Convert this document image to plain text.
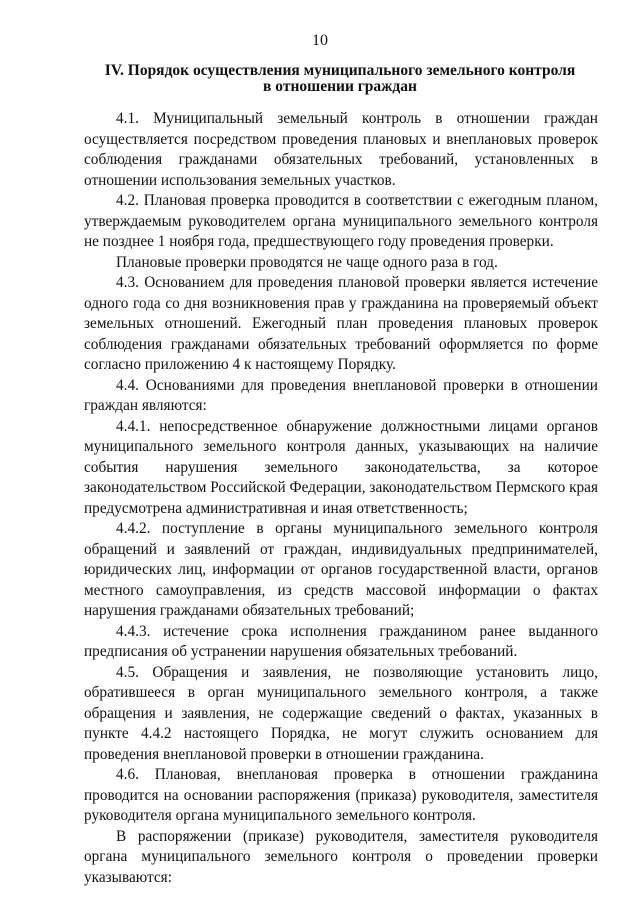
10
IV. Порядок осуществления муниципального земельного контроля
в отношении граждан

4.1. Муниципальный земельный контроль в отношении граждан осуществляется посредством проведения плановых и внеплановых проверок соблюдения гражданами обязательных требований, установленных в отношении использования земельных участков.

4.2. Плановая проверка проводится в соответствии с ежегодным планом, утверждаемым руководителем органа муниципального земельного контроля не позднее 1 ноября года, предшествующего году проведения проверки.

Плановые проверки проводятся не чаще одного раза в год.

4.3. Основанием для проведения плановой проверки является истечение одного года со дня возникновения прав у гражданина на проверяемый объект земельных отношений. Ежегодный план проведения плановых проверок соблюдения гражданами обязательных требований оформляется по форме согласно приложению 4 к настоящему Порядку.

4.4. Основаниями для проведения внеплановой проверки в отношении граждан являются:

4.4.1. непосредственное обнаружение должностными лицами органов муниципального земельного контроля данных, указывающих на наличие события нарушения земельного законодательства, за которое законодательством Российской Федерации, законодательством Пермского края предусмотрена административная и иная ответственность;

4.4.2. поступление в органы муниципального земельного контроля обращений и заявлений от граждан, индивидуальных предпринимателей, юридических лиц, информации от органов государственной власти, органов местного самоуправления, из средств массовой информации о фактах нарушения гражданами обязательных требований;

4.4.3. истечение срока исполнения гражданином ранее выданного предписания об устранении нарушения обязательных требований.

4.5. Обращения и заявления, не позволяющие установить лицо, обратившееся в орган муниципального земельного контроля, а также обращения и заявления, не содержащие сведений о фактах, указанных в пункте 4.4.2 настоящего Порядка, не могут служить основанием для проведения внеплановой проверки в отношении гражданина.

4.6. Плановая, внеплановая проверка в отношении гражданина проводится на основании распоряжения (приказа) руководителя, заместителя руководителя органа муниципального земельного контроля.

В распоряжении (приказе) руководителя, заместителя руководителя органа муниципального земельного контроля о проведении проверки указываются:
